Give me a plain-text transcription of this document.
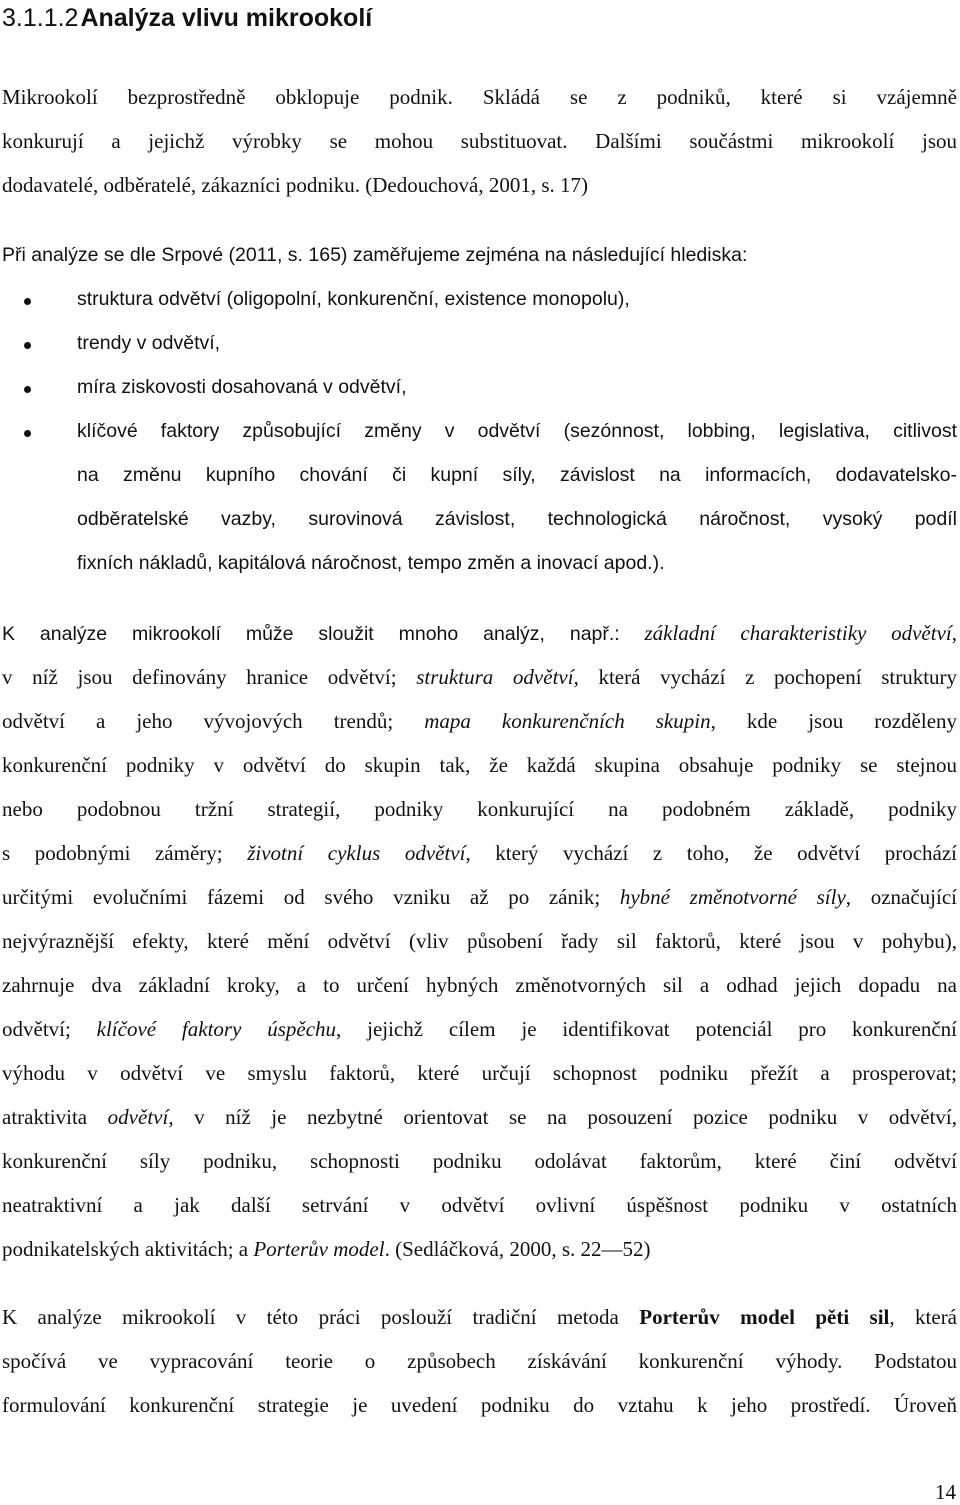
3.1.1.2Analýza vlivu mikrookolí
Mikrookolí bezprostředně obklopuje podnik. Skládá se z podniků, které si vzájemně
konkurují a jejichž výrobky se mohou substituovat. Dalšími součástmi mikrookolí jsou
dodavatelé, odběratelé, zákazníci podniku. (Dedouchová, 2001, s. 17)
Při analýze se dle Srpové (2011, s. 165) zaměřujeme zejména na následující hlediska:
struktura odvětví (oligopolní, konkurenční, existence monopolu),
trendy v odvětví,
míra ziskovosti dosahovaná v odvětví,
klíčové faktory způsobující změny v odvětví (sezónnost, lobbing, legislativa, citlivost
na změnu kupního chování či kupní síly, závislost na informacích, dodavatelsko-
odběratelské vazby, surovinová závislost, technologická náročnost, vysoký podíl
fixních nákladů, kapitálová náročnost, tempo změn a inovací apod.).
K analýze mikrookolí může sloužit mnoho analýz, např.: základní charakteristiky odvětví,
v níž jsou definovány hranice odvětví; struktura odvětví, která vychází z pochopení struktury
odvětví a jeho vývojových trendů; mapa konkurenčních skupin, kde jsou rozděleny
konkurenční podniky v odvětví do skupin tak, že každá skupina obsahuje podniky se stejnou
nebo podobnou tržní strategií, podniky konkurující na podobném základě, podniky
s podobnými záměry; životní cyklus odvětví, který vychází z toho, že odvětví prochází
určitými evolučními fázemi od svého vzniku až po zánik; hybné změnotvorné síly, označující
nejvýraznější efekty, které mění odvětví (vliv působení řady sil faktorů, které jsou v pohybu),
zahrnuje dva základní kroky, a to určení hybných změnotvorných sil a odhad jejich dopadu na
odvětví; klíčové faktory úspěchu, jejichž cílem je identifikovat potenciál pro konkurenční
výhodu v odvětví ve smyslu faktorů, které určují schopnost podniku přežít a prosperovat;
atraktivita odvětví, v níž je nezbytné orientovat se na posouzení pozice podniku v odvětví,
konkurenční síly podniku, schopnosti podniku odolávat faktorům, které činí odvětví
neatraktivní a jak další setrvání v odvětví ovlivní úspěšnost podniku v ostatních
podnikatelských aktivitách; a Porterův model. (Sedláčková, 2000, s. 22―52)
K analýze mikrookolí v této práci poslouží tradiční metoda Porterův model pěti sil, která
spočívá ve vypracování teorie o způsobech získávání konkurenční výhody. Podstatou
formulování konkurenční strategie je uvedení podniku do vztahu k jeho prostředí. Úroveň
14
